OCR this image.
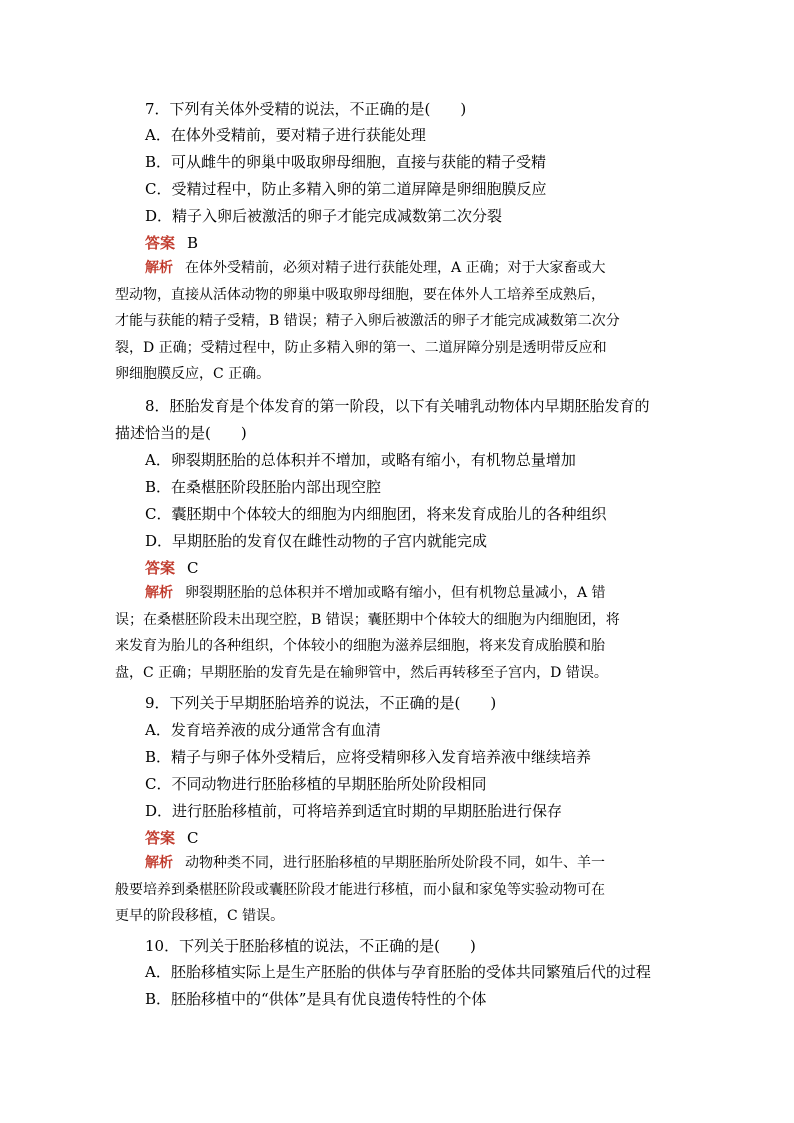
7．下列有关体外受精的说法，不正确的是(　　)
A．在体外受精前，要对精子进行获能处理
B．可从雌牛的卵巢中吸取卵母细胞，直接与获能的精子受精
C．受精过程中，防止多精入卵的第二道屏障是卵细胞膜反应
D．精子入卵后被激活的卵子才能完成减数第二次分裂
答案 B
解析 在体外受精前，必须对精子进行获能处理，A 正确；对于大家畜或大
型动物，直接从活体动物的卵巢中吸取卵母细胞，要在体外人工培养至成熟后，
才能与获能的精子受精，B 错误；精子入卵后被激活的卵子才能完成减数第二次分
裂，D 正确；受精过程中，防止多精入卵的第一、二道屏障分别是透明带反应和
卵细胞膜反应，C 正确。
8．胚胎发育是个体发育的第一阶段，以下有关哺乳动物体内早期胚胎发育的
描述恰当的是(　　)
A．卵裂期胚胎的总体积并不增加，或略有缩小，有机物总量增加
B．在桑椹胚阶段胚胎内部出现空腔
C．囊胚期中个体较大的细胞为内细胞团，将来发育成胎儿的各种组织
D．早期胚胎的发育仅在雌性动物的子宫内就能完成
答案 C
解析 卵裂期胚胎的总体积并不增加或略有缩小，但有机物总量减小，A 错
误；在桑椹胚阶段未出现空腔，B 错误；囊胚期中个体较大的细胞为内细胞团，将
来发育为胎儿的各种组织，个体较小的细胞为滋养层细胞，将来发育成胎膜和胎
盘，C 正确；早期胚胎的发育先是在输卵管中，然后再转移至子宫内，D 错误。
9．下列关于早期胚胎培养的说法，不正确的是(　　)
A．发育培养液的成分通常含有血清
B．精子与卵子体外受精后，应将受精卵移入发育培养液中继续培养
C．不同动物进行胚胎移植的早期胚胎所处阶段相同
D．进行胚胎移植前，可将培养到适宜时期的早期胚胎进行保存
答案 C
解析 动物种类不同，进行胚胎移植的早期胚胎所处阶段不同，如牛、羊一
般要培养到桑椹胚阶段或囊胚阶段才能进行移植，而小鼠和家兔等实验动物可在
更早的阶段移植，C 错误。
10．下列关于胚胎移植的说法，不正确的是(　　)
A．胚胎移植实际上是生产胚胎的供体与孕育胚胎的受体共同繁殖后代的过程
B．胚胎移植中的“供体”是具有优良遗传特性的个体
